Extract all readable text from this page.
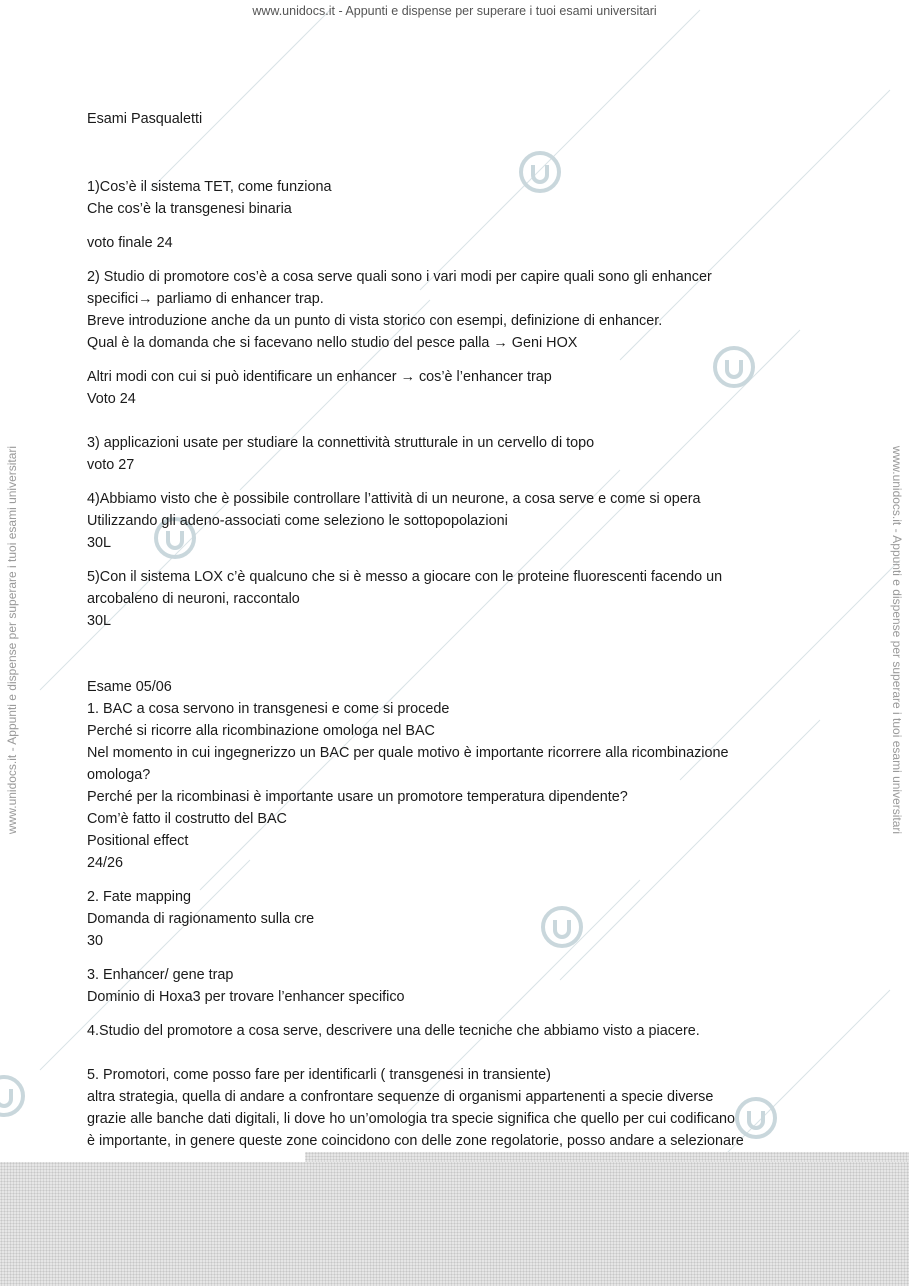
www.unidocs.it - Appunti e dispense per superare i tuoi esami universitari
www.unidocs.it - Appunti e dispense per superare i tuoi esami universitari	www.unidocs.it - Appunti e dispense per superare i tuoi esami universitari

Esami Pasqualetti

1)Cos’è il sistema TET, come funziona

Che cos’è la transgenesi binaria

voto finale 24

2) Studio di promotore cos’è a cosa serve quali sono i vari modi per capire quali sono gli enhancer

specifici→ parliamo di enhancer trap.

Breve introduzione anche da un punto di vista storico con esempi, definizione di enhancer.

Qual è la domanda che si facevano nello studio del pesce palla → Geni HOX

Altri modi con cui si può identificare un enhancer → cos’è l’enhancer trap

Voto 24

3) applicazioni usate per studiare la connettività strutturale in un cervello di topo

voto 27

4)Abbiamo visto che è possibile controllare l’attività di un neurone, a cosa serve e come si opera

Utilizzando gli adeno-associati come seleziono le sottopopolazioni

30L

5)Con il sistema LOX c’è qualcuno che si è messo a giocare con le proteine fluorescenti facendo un

arcobaleno di neuroni, raccontalo

30L

Esame 05/06

1. BAC a cosa servono in transgenesi e come si procede

Perché si ricorre alla ricombinazione omologa nel BAC

Nel momento in cui ingegnerizzo un BAC per quale motivo è importante ricorrere alla ricombinazione

omologa?

Perché per la ricombinasi è importante usare un promotore temperatura dipendente?

Com’è fatto il costrutto del BAC

Positional effect

24/26

2. Fate mapping

Domanda di ragionamento sulla cre

30

3. Enhancer/ gene trap

Dominio di Hoxa3 per trovare l’enhancer specifico

4.Studio del promotore a cosa serve, descrivere una delle tecniche che abbiamo visto a piacere.

5. Promotori, come posso fare per identificarli ( transgenesi in transiente)

altra strategia, quella di andare a confrontare sequenze di organismi appartenenti a specie diverse

grazie alle banche dati digitali, li dove ho un’omologia tra specie significa che quello per cui codificano

è importante, in genere queste zone coincidono con delle zone regolatorie, posso andare a selezionare
